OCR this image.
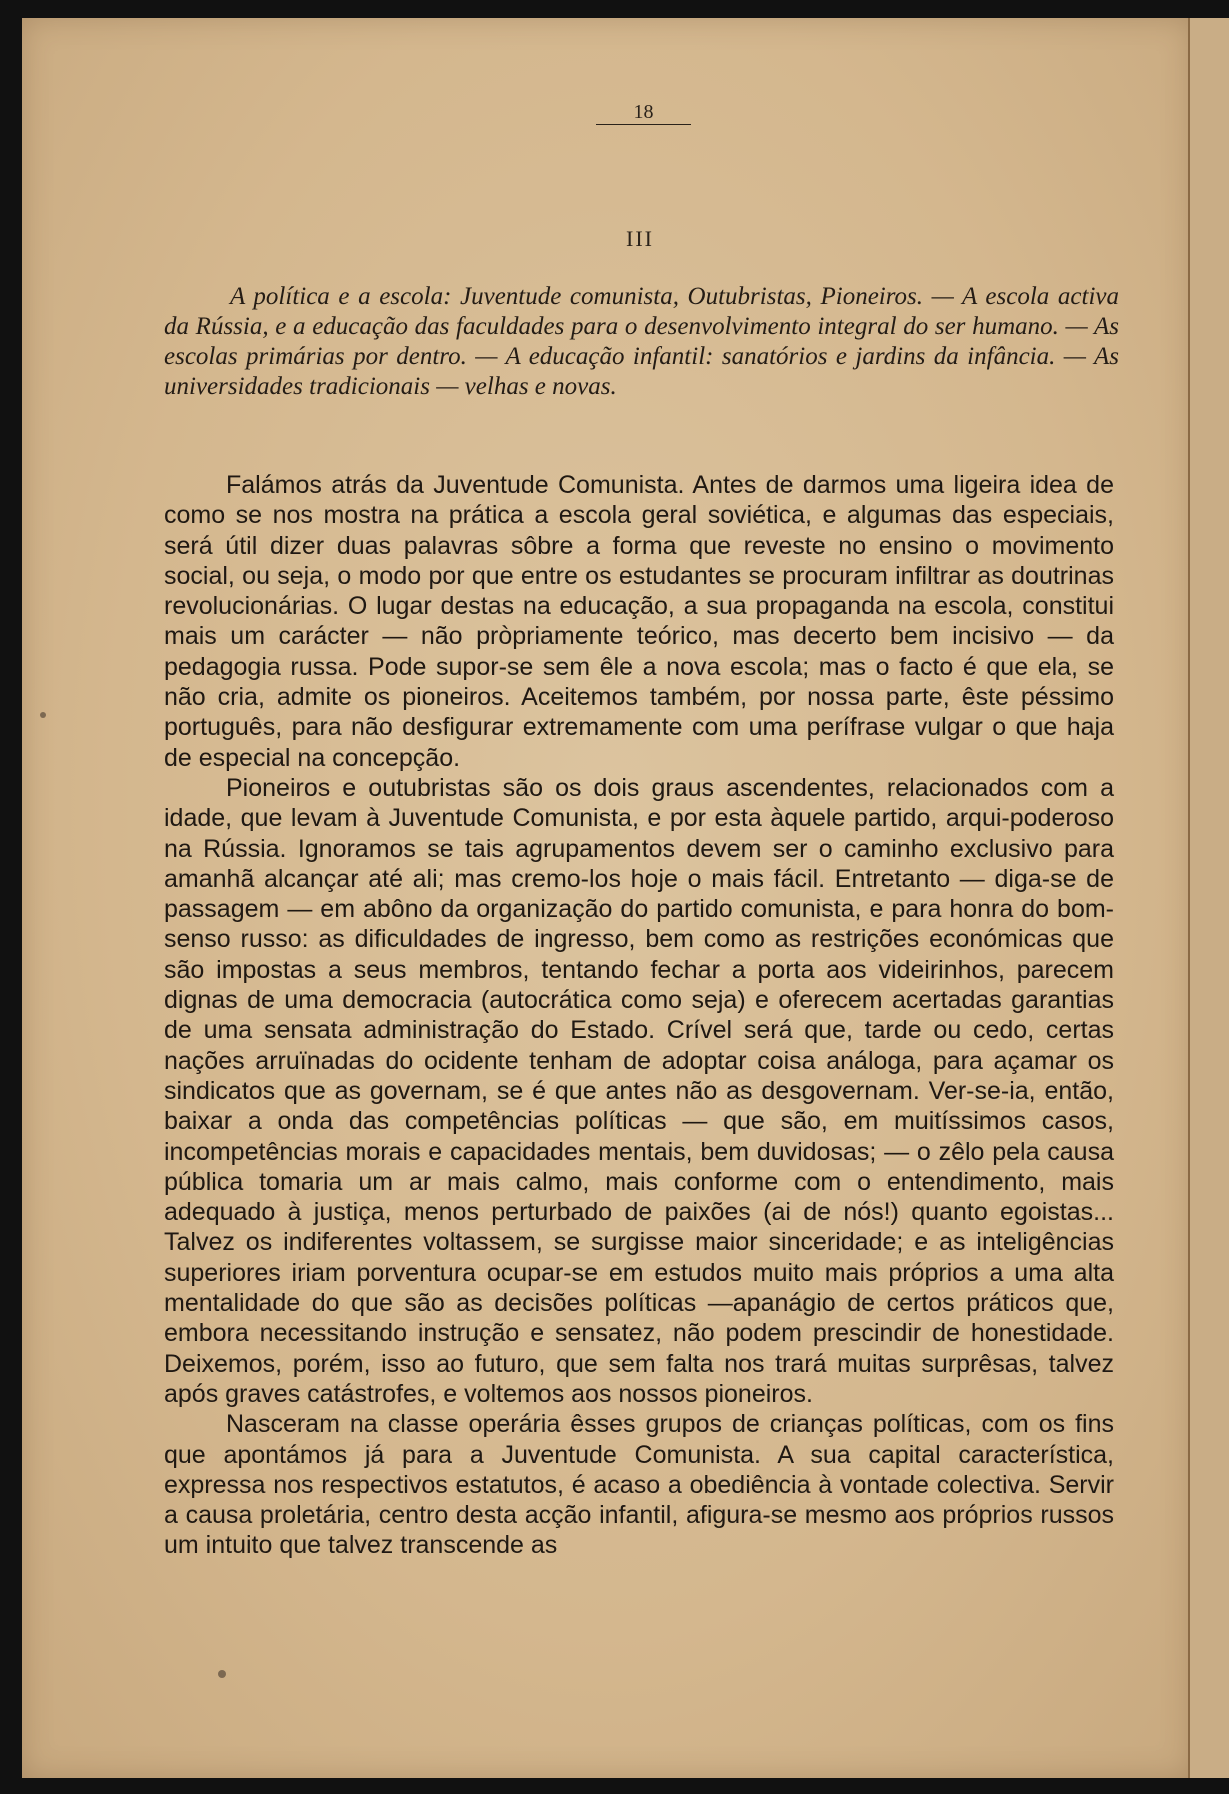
18
III

A política e a escola: Juventude comunista, Outubristas, Pioneiros. — A escola activa da Rússia, e a educação das faculdades para o desenvolvimento integral do ser humano. — As escolas primárias por dentro. — A educação infantil: sanatórios e jardins da infância. — As universidades tradicionais — velhas e novas.

Falámos atrás da Juventude Comunista. Antes de darmos uma ligeira idea de como se nos mostra na prática a escola geral soviética, e algumas das especiais, será útil dizer duas palavras sôbre a forma que reveste no ensino o movimento social, ou seja, o modo por que entre os estudantes se procuram infiltrar as doutrinas revolucionárias. O lugar destas na educação, a sua propaganda na escola, constitui mais um carácter — não pròpriamente teórico, mas decerto bem incisivo — da pedagogia russa. Pode supor-se sem êle a nova escola; mas o facto é que ela, se não cria, admite os pioneiros. Aceitemos também, por nossa parte, êste péssimo português, para não desfigurar extremamente com uma perífrase vulgar o que haja de especial na concepção.

Pioneiros e outubristas são os dois graus ascendentes, relacionados com a idade, que levam à Juventude Comunista, e por esta àquele partido, arqui-poderoso na Rússia. Ignoramos se tais agrupamentos devem ser o caminho exclusivo para amanhã alcançar até ali; mas cremo-los hoje o mais fácil. Entretanto — diga-se de passagem — em abôno da organização do partido comunista, e para honra do bom-senso russo: as dificuldades de ingresso, bem como as restrições económicas que são impostas a seus membros, tentando fechar a porta aos videirinhos, parecem dignas de uma democracia (autocrática como seja) e oferecem acertadas garantias de uma sensata administração do Estado. Crível será que, tarde ou cedo, certas nações arruïnadas do ocidente tenham de adoptar coisa análoga, para açamar os sindicatos que as governam, se é que antes não as desgovernam. Ver-se-ia, então, baixar a onda das competências políticas — que são, em muitíssimos casos, incompetências morais e capacidades mentais, bem duvidosas; — o zêlo pela causa pública tomaria um ar mais calmo, mais conforme com o entendimento, mais adequado à justiça, menos perturbado de paixões (ai de nós!) quanto egoistas... Talvez os indiferentes voltassem, se surgisse maior sinceridade; e as inteligências superiores iriam porventura ocupar-se em estudos muito mais próprios a uma alta mentalidade do que são as decisões políticas —apanágio de certos práticos que, embora necessitando instrução e sensatez, não podem prescindir de honestidade. Deixemos, porém, isso ao futuro, que sem falta nos trará muitas surprêsas, talvez após graves catástrofes, e voltemos aos nossos pioneiros.

Nasceram na classe operária êsses grupos de crianças políticas, com os fins que apontámos já para a Juventude Comunista. A sua capital característica, expressa nos respectivos estatutos, é acaso a obediência à vontade colectiva. Servir a causa proletária, centro desta acção infantil, afigura-se mesmo aos próprios russos um intuito que talvez transcende as
